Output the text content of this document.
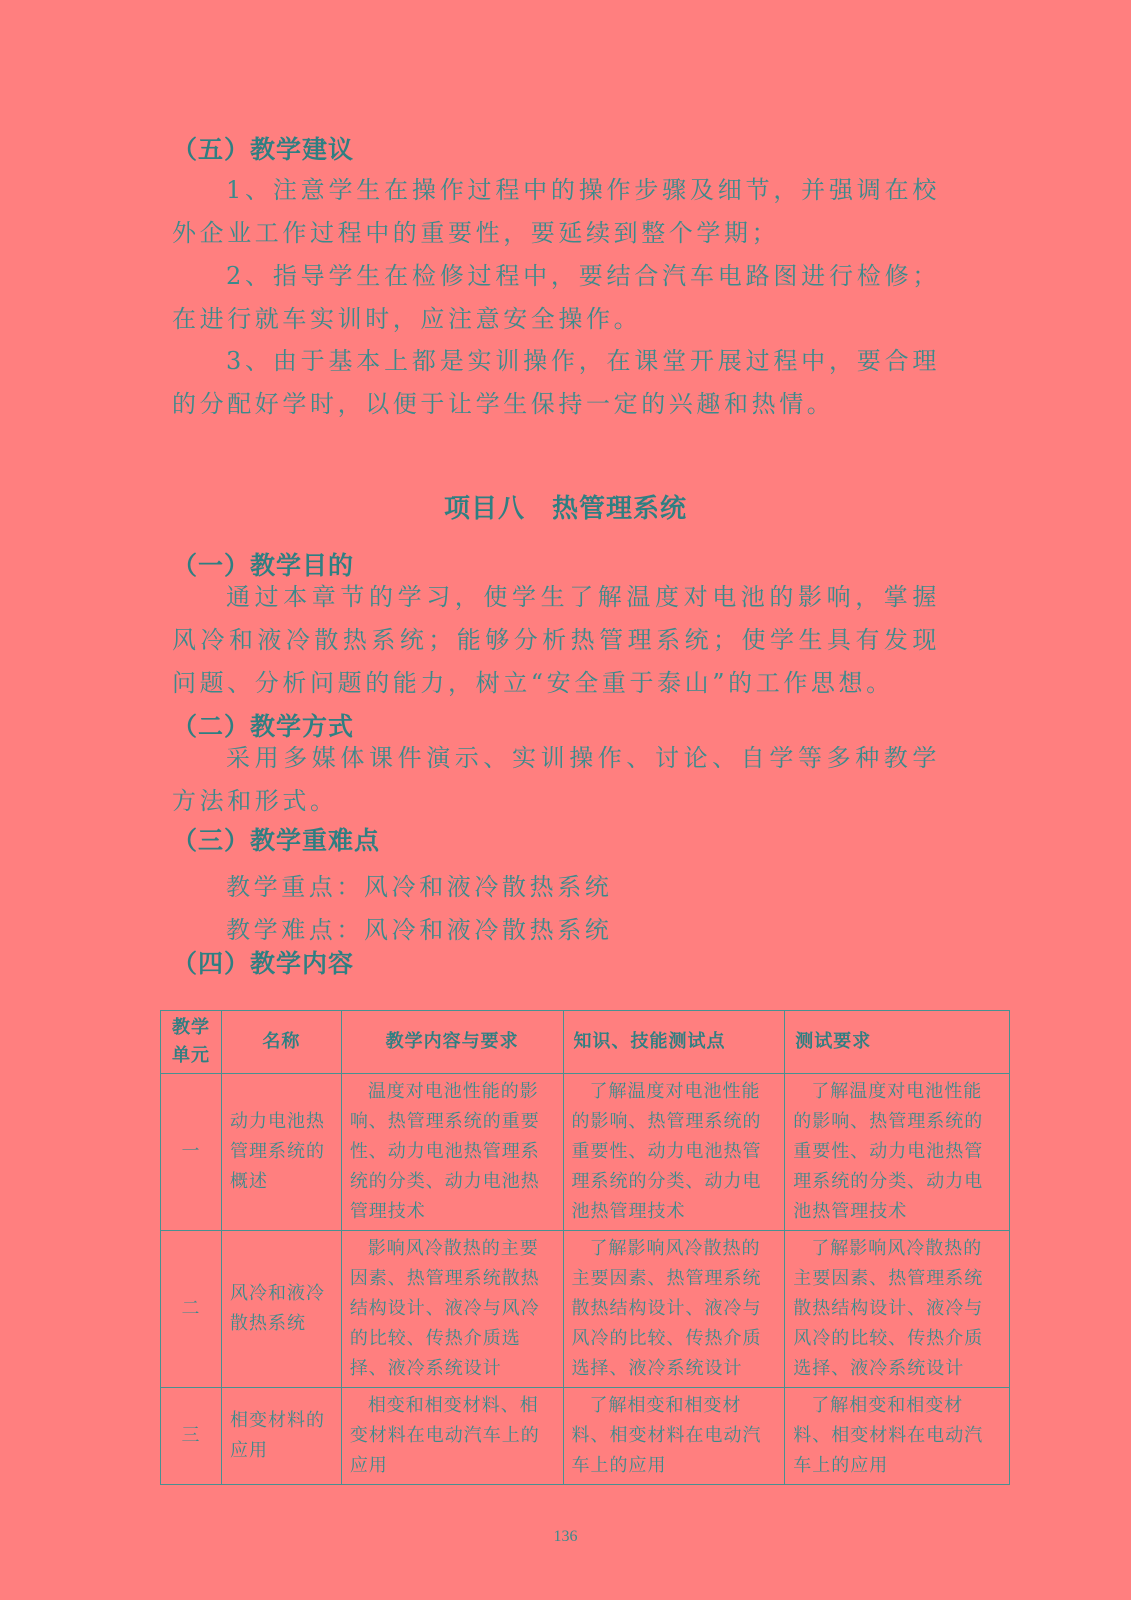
（五）教学建议
1、注意学生在操作过程中的操作步骤及细节，并强调在校外企业工作过程中的重要性，要延续到整个学期；
2、指导学生在检修过程中，要结合汽车电路图进行检修；在进行就车实训时，应注意安全操作。
3、由于基本上都是实训操作，在课堂开展过程中，要合理的分配好学时，以便于让学生保持一定的兴趣和热情。
项目八　热管理系统
（一）教学目的
通过本章节的学习，使学生了解温度对电池的影响，掌握风冷和液冷散热系统；能够分析热管理系统；使学生具有发现问题、分析问题的能力，树立“安全重于泰山”的工作思想。
（二）教学方式
采用多媒体课件演示、实训操作、讨论、自学等多种教学方法和形式。
（三）教学重难点
教学重点：风冷和液冷散热系统
教学难点：风冷和液冷散热系统
（四）教学内容
教学单元	名称	教学内容与要求	知识、技能测试点	测试要求
一	动力电池热管理系统的概述	温度对电池性能的影响、热管理系统的重要性、动力电池热管理系统的分类、动力电池热管理技术	了解温度对电池性能的影响、热管理系统的重要性、动力电池热管理系统的分类、动力电池热管理技术	了解温度对电池性能的影响、热管理系统的重要性、动力电池热管理系统的分类、动力电池热管理技术
二	风冷和液冷散热系统	影响风冷散热的主要因素、热管理系统散热结构设计、液冷与风冷的比较、传热介质选择、液冷系统设计	了解影响风冷散热的主要因素、热管理系统散热结构设计、液冷与风冷的比较、传热介质选择、液冷系统设计	了解影响风冷散热的主要因素、热管理系统散热结构设计、液冷与风冷的比较、传热介质选择、液冷系统设计
三	相变材料的应用	相变和相变材料、相变材料在电动汽车上的应用	了解相变和相变材料、相变材料在电动汽车上的应用	了解相变和相变材料、相变材料在电动汽车上的应用
136
